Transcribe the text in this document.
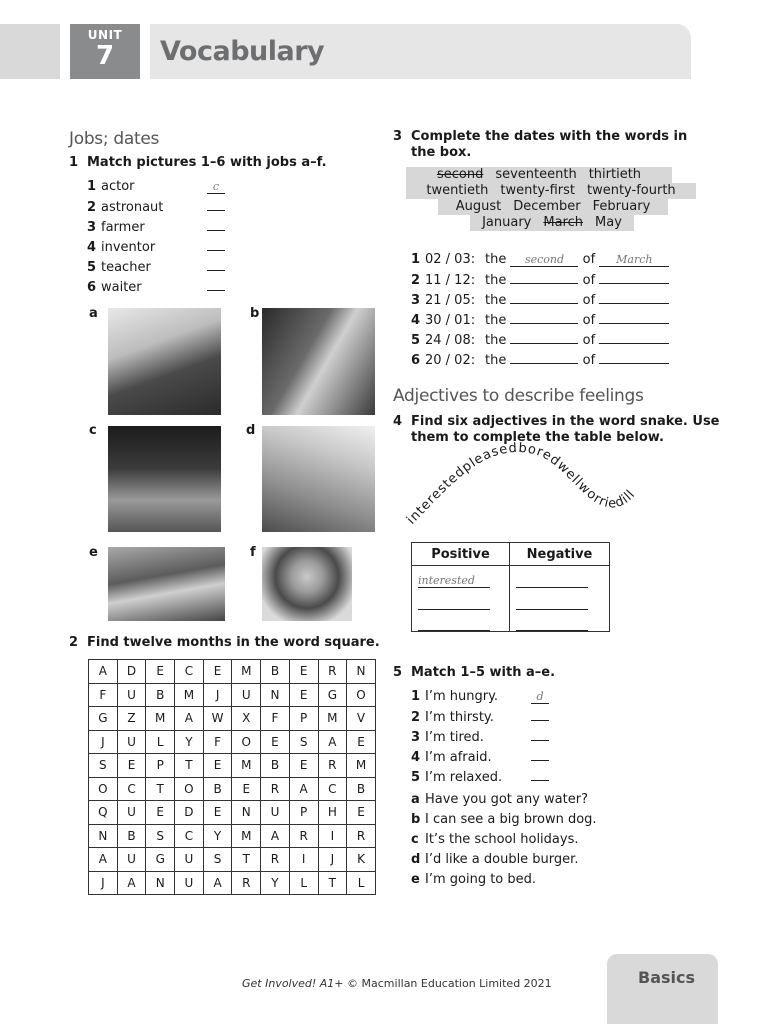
UNIT
7	Vocabulary
Jobs; dates
1 Match pictures 1–6 with jobs a–f.
1 actor	c
2 astronaut
3 farmer
4 inventor
5 teacher
6 waiter
a	b
c	d
e	f
2 Find twelve months in the word square.
A	D	E	C	E	M	B	E	R	N
F	U	B	M	J	U	N	E	G	O
G	Z	M	A	W	X	F	P	M	V
J	U	L	Y	F	O	E	S	A	E
S	E	P	T	E	M	B	E	R	M
O	C	T	O	B	E	R	A	C	B
Q	U	E	D	E	N	U	P	H	E
N	B	S	C	Y	M	A	R	I	R
A	U	G	U	S	T	R	I	J	K
J	A	N	U	A	R	Y	L	T	L
3 Complete the dates with the words in
the box.
second seventeenth thirtieth
twentieth twenty-first twenty-fourth
August December February
January March May
1 02 / 03: the second of March
2 11 / 12: the	of
3 21 / 05: the	of
4 30 / 01: the	of
5 24 / 08: the	of
6 20 / 02: the	of
Adjectives to describe feelings
4 Find six adjectives in the word snake. Use
them to complete the table below.
interestedpleasedboredwellworriedill
Positive	Negative

interested	

5 Match 1–5 with a–e.
1 I’m hungry.	d
2 I’m thirsty.
3 I’m tired.
4 I’m afraid.
5 I’m relaxed.
a Have you got any water?
b I can see a big brown dog.
c It’s the school holidays.
d I’d like a double burger.
e I’m going to bed.
Get Involved! A1+ © Macmillan Education Limited 2021	Basics
